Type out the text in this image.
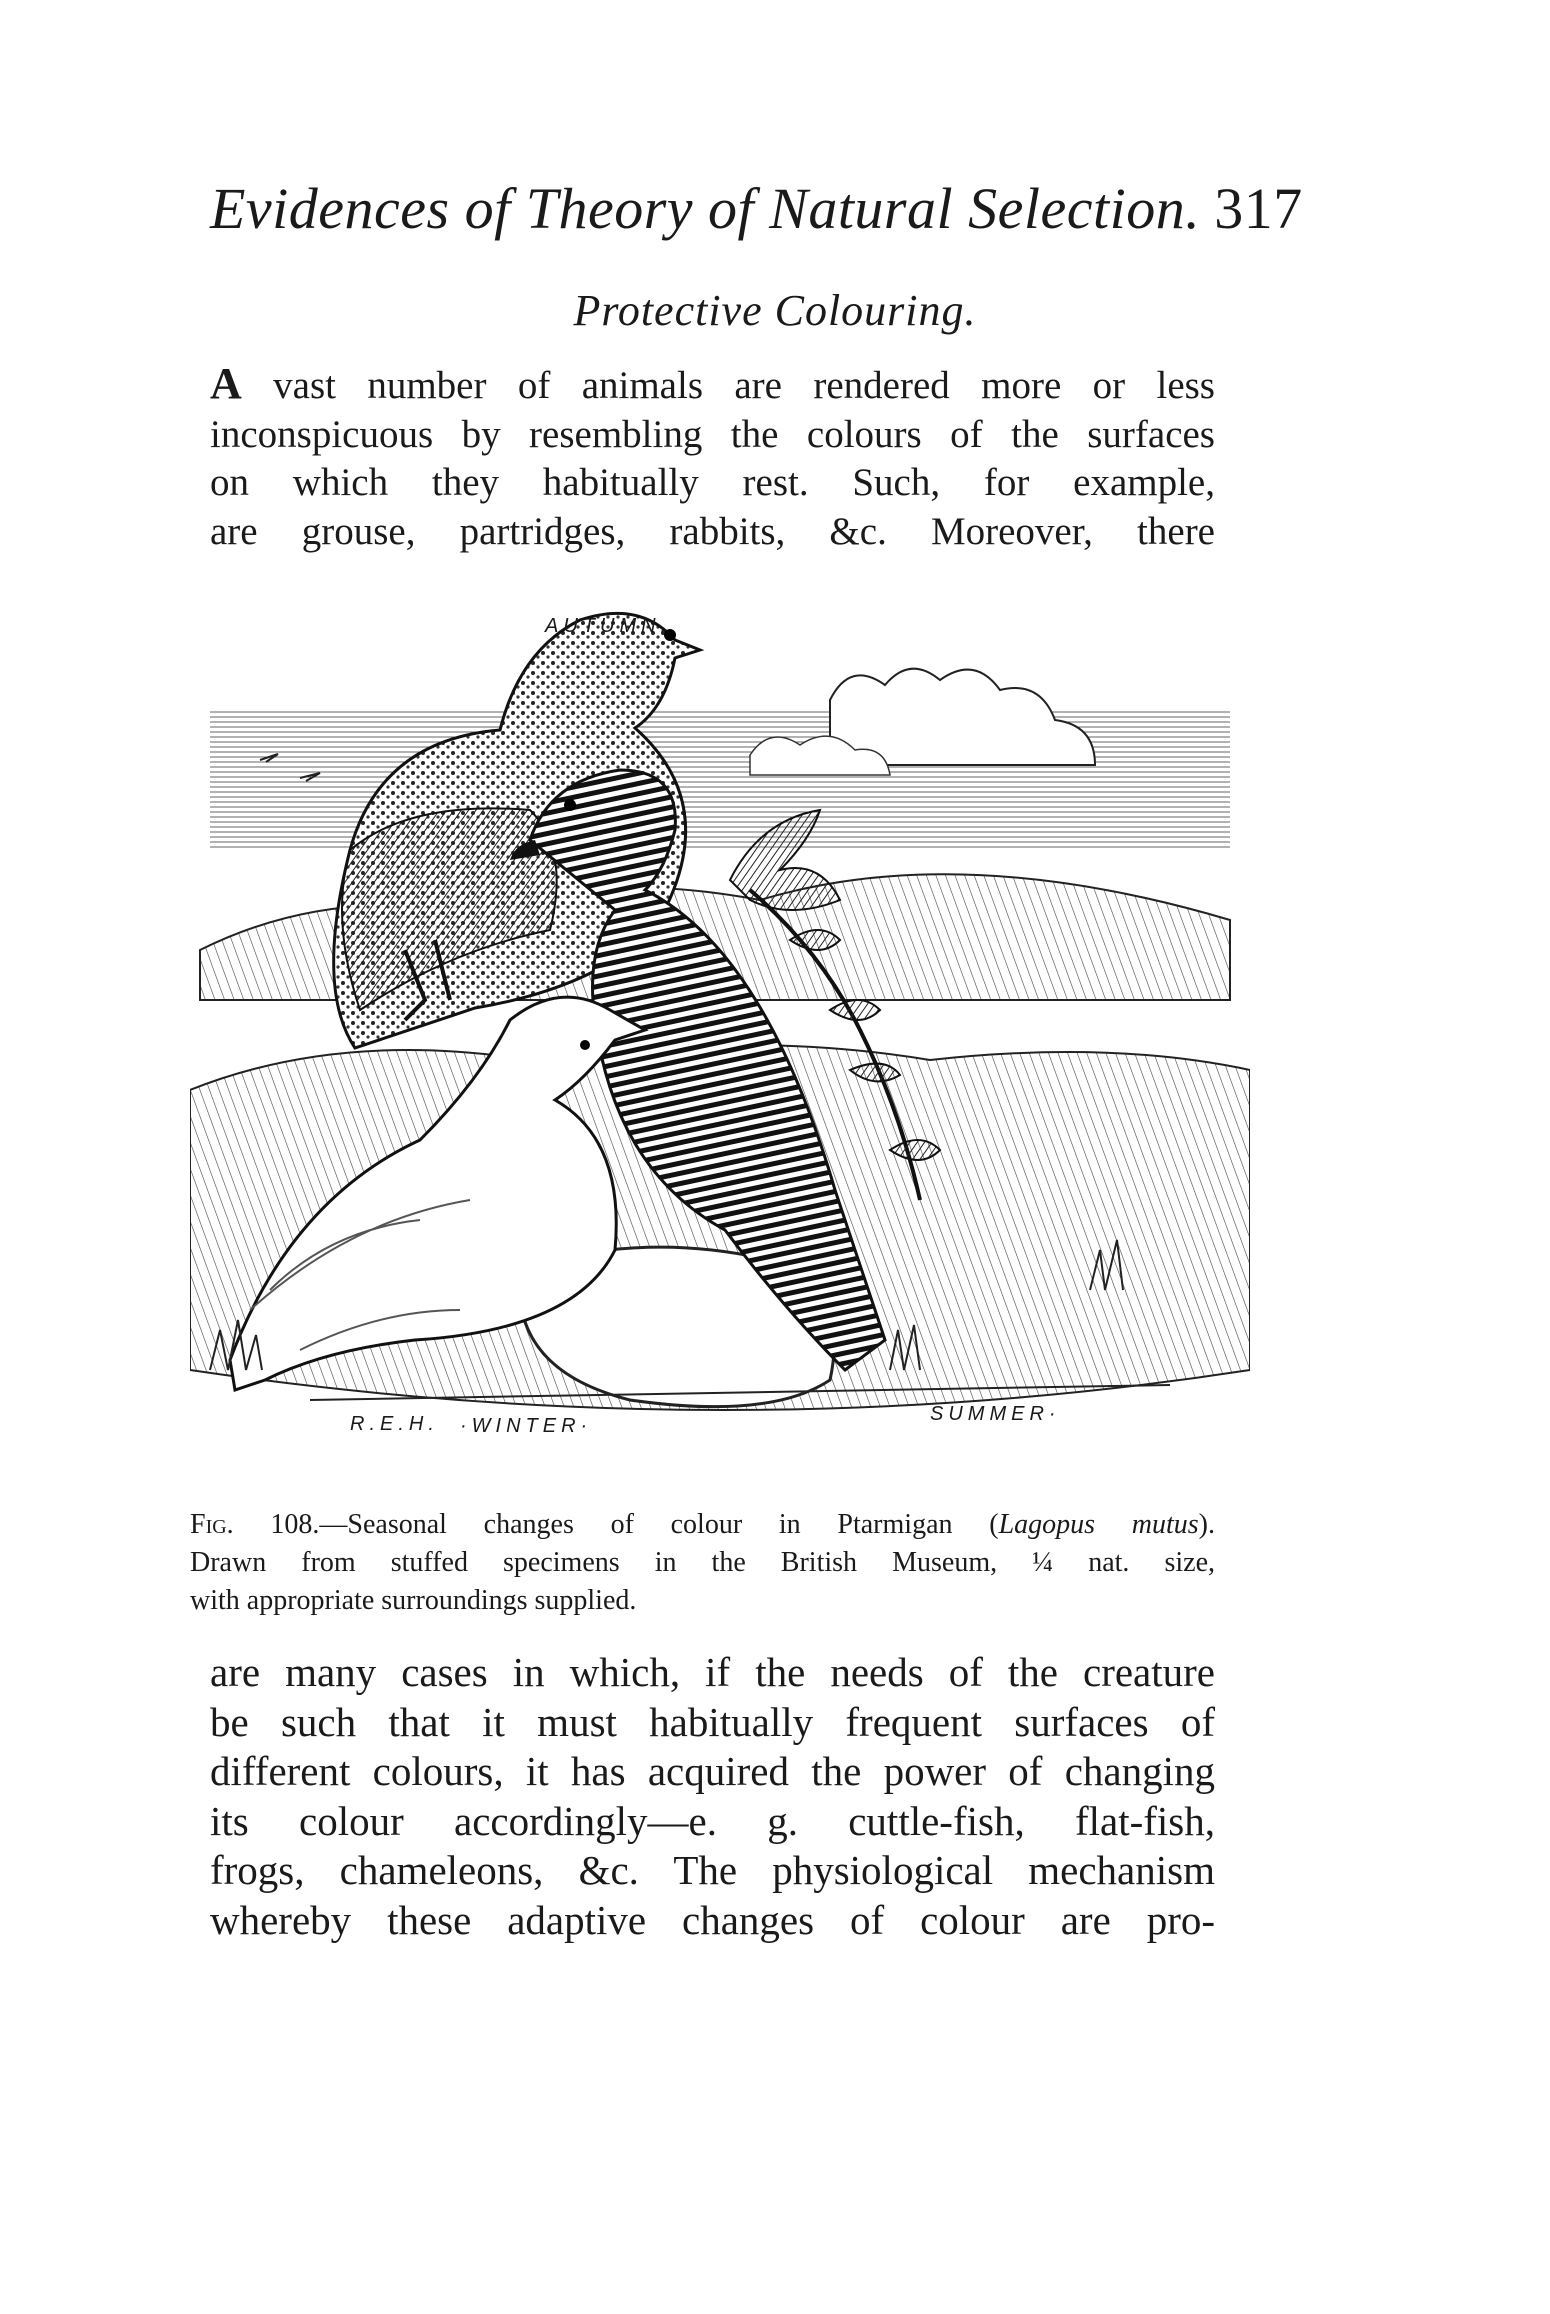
Evidences of Theory of Natural Selection. 317
Protective Colouring.
A vast number of animals are rendered more or less
inconspicuous by resembling the colours of the surfaces
on which they habitually rest. Such, for example,
are grouse, partridges, rabbits, &c. Moreover, there
AUTUMN.
·WINTER·
SUMMER·
R.E.H.
Fig. 108.—Seasonal changes of colour in Ptarmigan (Lagopus mutus).
Drawn from stuffed specimens in the British Museum, ¼ nat. size,
with appropriate surroundings supplied.
are many cases in which, if the needs of the creature
be such that it must habitually frequent surfaces of
different colours, it has acquired the power of changing
its colour accordingly—e. g. cuttle-fish, flat-fish,
frogs, chameleons, &c. The physiological mechanism
whereby these adaptive changes of colour are pro-
